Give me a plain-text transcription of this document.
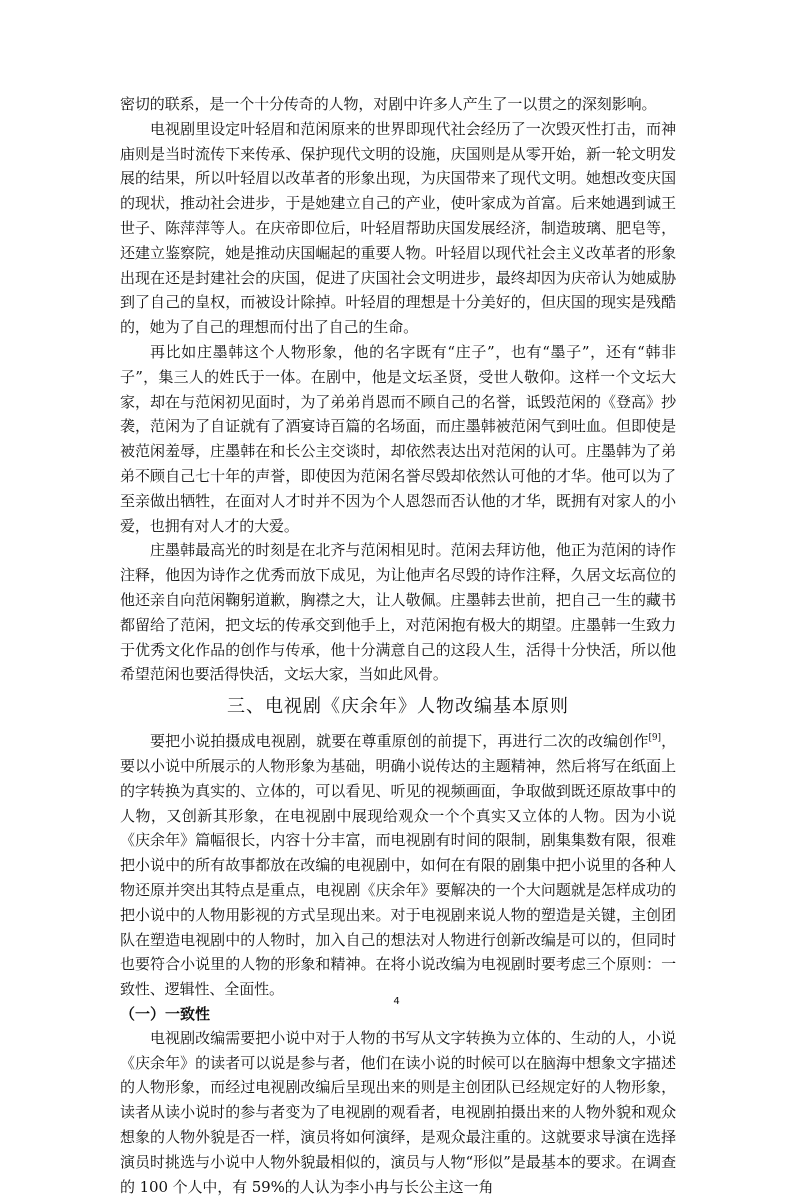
密切的联系，是一个十分传奇的人物，对剧中许多人产生了一以贯之的深刻影响。

电视剧里设定叶轻眉和范闲原来的世界即现代社会经历了一次毁灭性打击，而神庙则是当时流传下来传承、保护现代文明的设施，庆国则是从零开始，新一轮文明发展的结果，所以叶轻眉以改革者的形象出现，为庆国带来了现代文明。她想改变庆国的现状，推动社会进步，于是她建立自己的产业，使叶家成为首富。后来她遇到诚王世子、陈萍萍等人。在庆帝即位后，叶轻眉帮助庆国发展经济，制造玻璃、肥皂等，还建立鉴察院，她是推动庆国崛起的重要人物。叶轻眉以现代社会主义改革者的形象出现在还是封建社会的庆国，促进了庆国社会文明进步，最终却因为庆帝认为她威胁到了自己的皇权，而被设计除掉。叶轻眉的理想是十分美好的，但庆国的现实是残酷的，她为了自己的理想而付出了自己的生命。

再比如庄墨韩这个人物形象，他的名字既有“庄子”，也有“墨子”，还有“韩非子”，集三人的姓氏于一体。在剧中，他是文坛圣贤，受世人敬仰。这样一个文坛大家，却在与范闲初见面时，为了弟弟肖恩而不顾自己的名誉，诋毁范闲的《登高》抄袭，范闲为了自证就有了酒宴诗百篇的名场面，而庄墨韩被范闲气到吐血。但即使是被范闲羞辱，庄墨韩在和长公主交谈时，却依然表达出对范闲的认可。庄墨韩为了弟弟不顾自己七十年的声誉，即使因为范闲名誉尽毁却依然认可他的才华。他可以为了至亲做出牺牲，在面对人才时并不因为个人恩怨而否认他的才华，既拥有对家人的小爱，也拥有对人才的大爱。

庄墨韩最高光的时刻是在北齐与范闲相见时。范闲去拜访他，他正为范闲的诗作注释，他因为诗作之优秀而放下成见，为让他声名尽毁的诗作注释，久居文坛高位的他还亲自向范闲鞠躬道歉，胸襟之大，让人敬佩。庄墨韩去世前，把自己一生的藏书都留给了范闲，把文坛的传承交到他手上，对范闲抱有极大的期望。庄墨韩一生致力于优秀文化作品的创作与传承，他十分满意自己的这段人生，活得十分快活，所以他希望范闲也要活得快活，文坛大家，当如此风骨。

三、电视剧《庆余年》人物改编基本原则

要把小说拍摄成电视剧，就要在尊重原创的前提下，再进行二次的改编创作[9]，要以小说中所展示的人物形象为基础，明确小说传达的主题精神，然后将写在纸面上的字转换为真实的、立体的，可以看见、听见的视频画面，争取做到既还原故事中的人物，又创新其形象，在电视剧中展现给观众一个个真实又立体的人物。因为小说《庆余年》篇幅很长，内容十分丰富，而电视剧有时间的限制，剧集集数有限，很难把小说中的所有故事都放在改编的电视剧中，如何在有限的剧集中把小说里的各种人物还原并突出其特点是重点，电视剧《庆余年》要解决的一个大问题就是怎样成功的把小说中的人物用影视的方式呈现出来。对于电视剧来说人物的塑造是关键，主创团队在塑造电视剧中的人物时，加入自己的想法对人物进行创新改编是可以的，但同时也要符合小说里的人物的形象和精神。在将小说改编为电视剧时要考虑三个原则：一致性、逻辑性、全面性。

（一）一致性

电视剧改编需要把小说中对于人物的书写从文字转换为立体的、生动的人，小说《庆余年》的读者可以说是参与者，他们在读小说的时候可以在脑海中想象文字描述的人物形象，而经过电视剧改编后呈现出来的则是主创团队已经规定好的人物形象，读者从读小说时的参与者变为了电视剧的观看者，电视剧拍摄出来的人物外貌和观众想象的人物外貌是否一样，演员将如何演绎，是观众最注重的。这就要求导演在选择演员时挑选与小说中人物外貌最相似的，演员与人物“形似”是最基本的要求。在调查的 100 个人中，有 59%的人认为李小冉与长公主这一角

4
